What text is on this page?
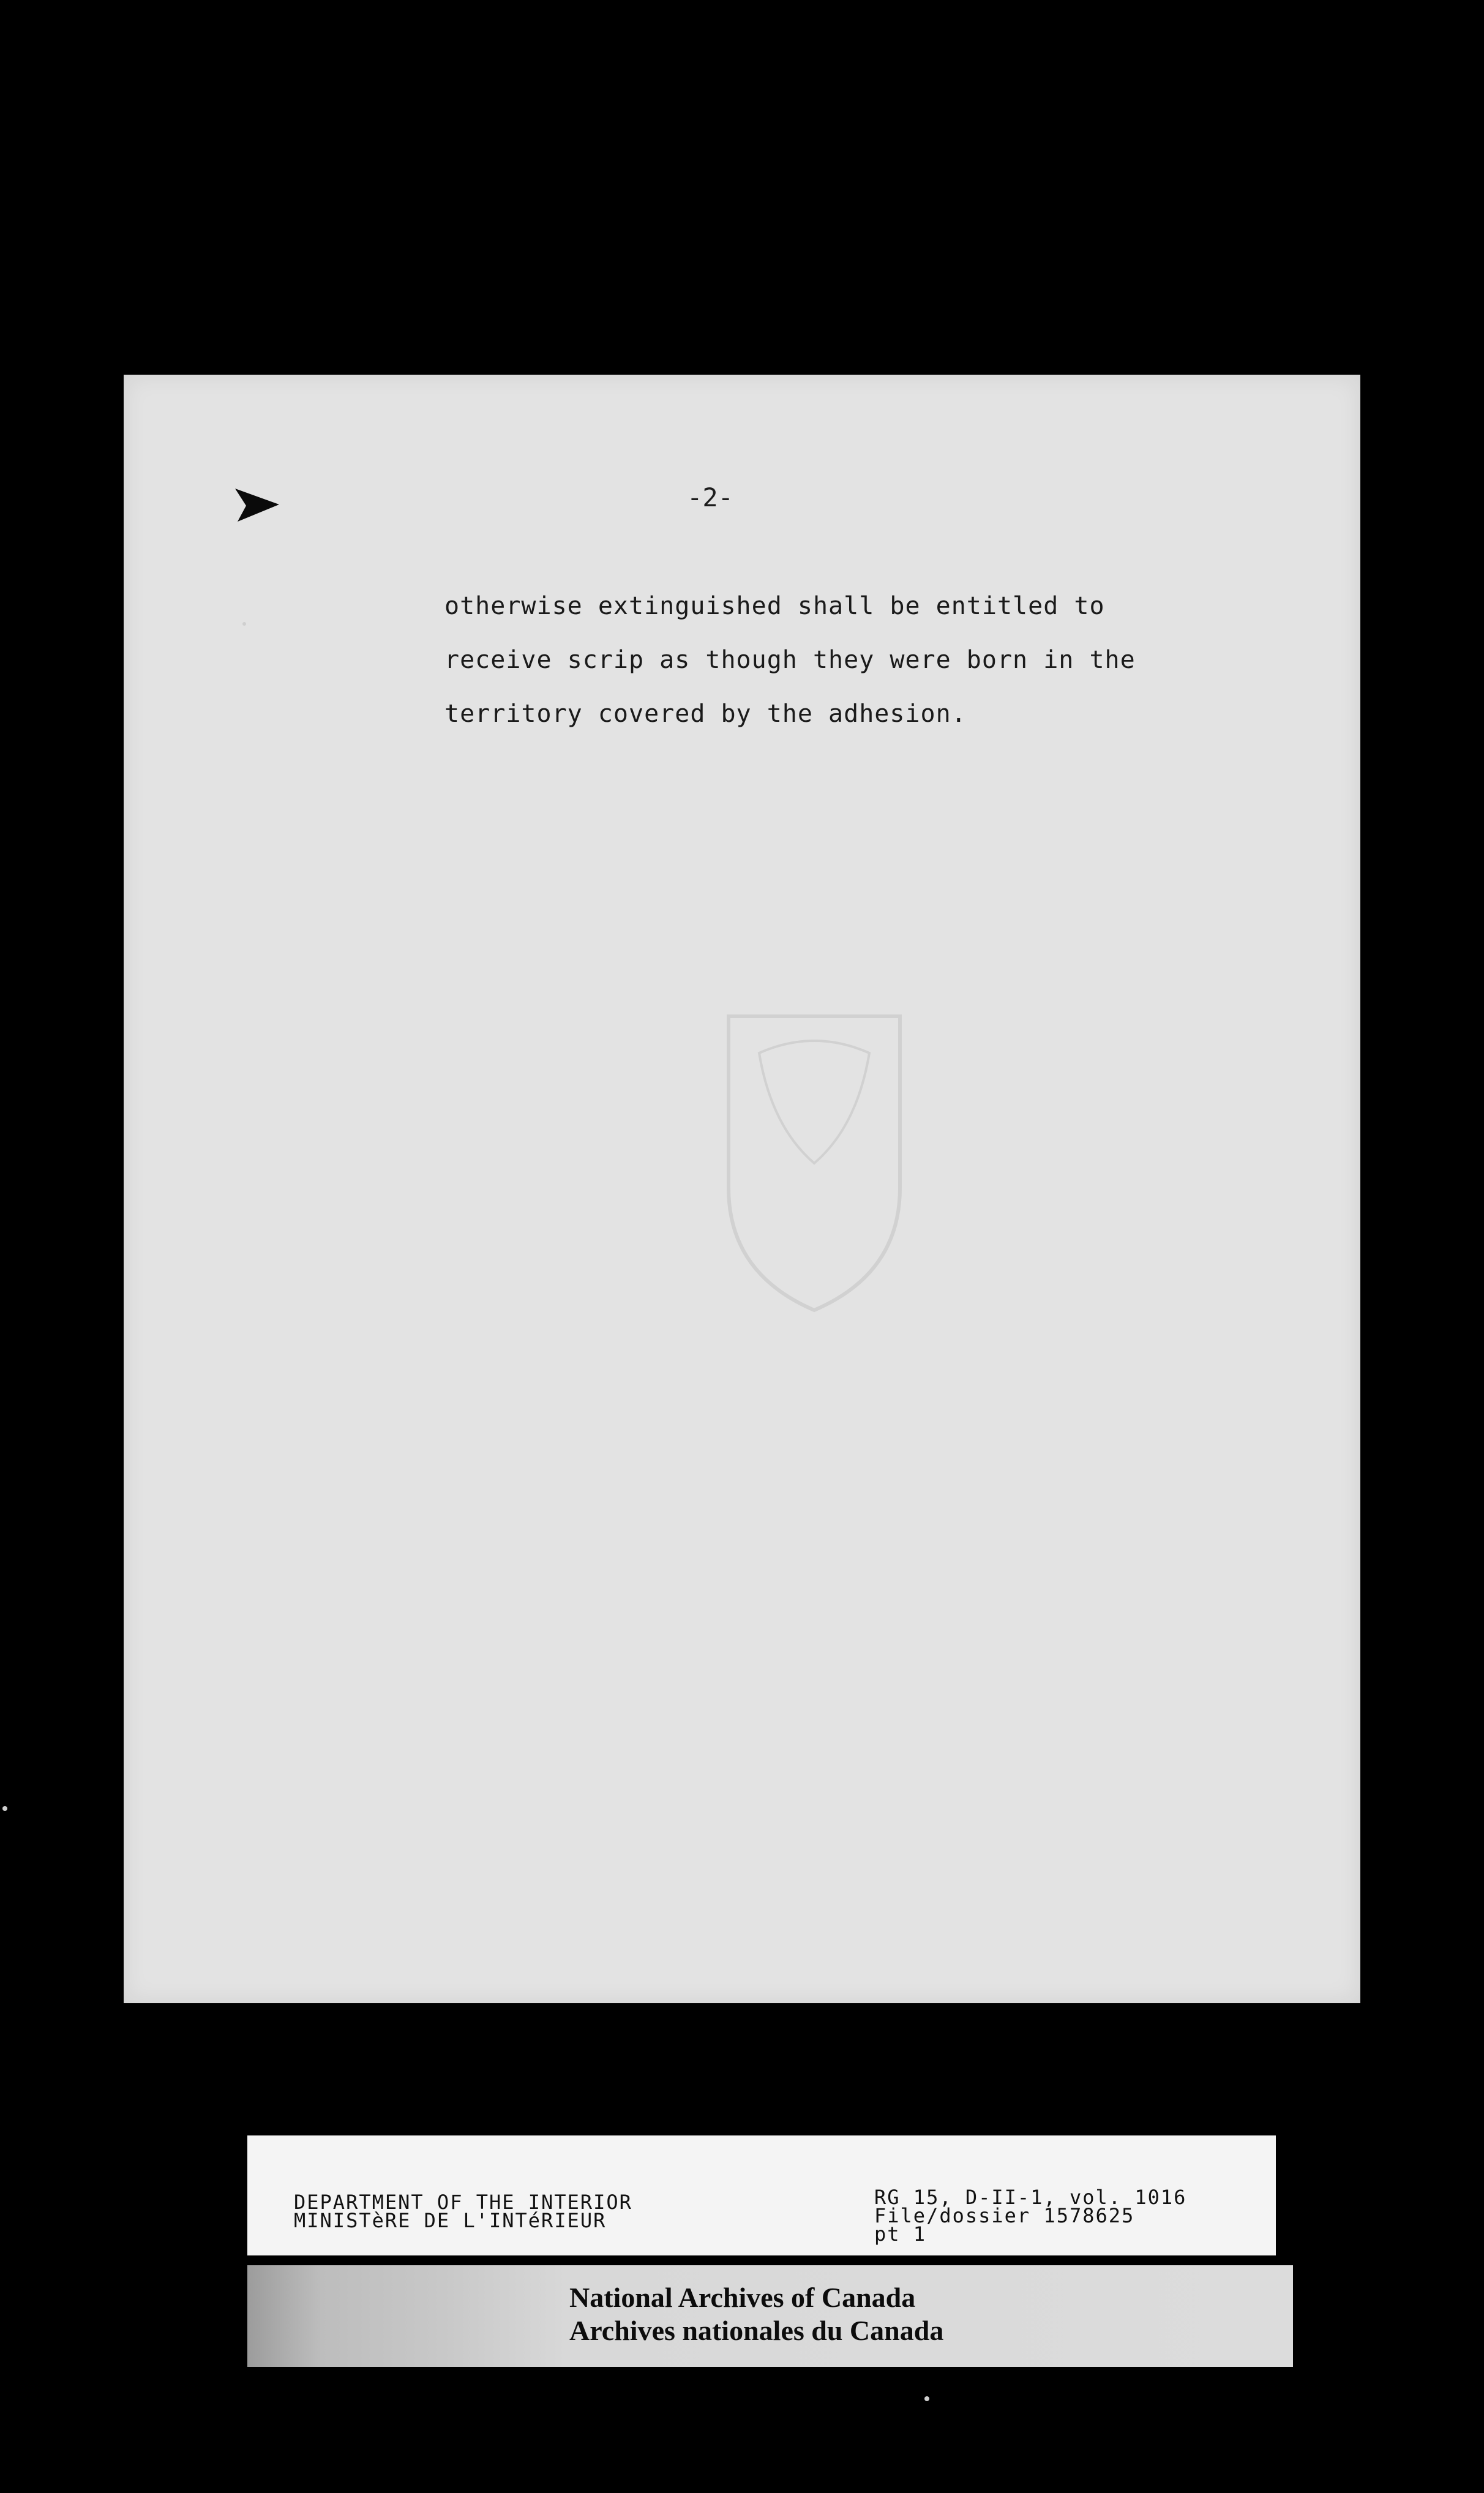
-2-
otherwise extinguished shall be entitled to
receive scrip as though they were born in the
territory covered by the adhesion.
DEPARTMENT OF THE INTERIOR
MINISTèRE DE L'INTéRIEUR
RG 15, D-II-1, vol. 1016
File/dossier 1578625
pt 1
National Archives of Canada
Archives nationales du Canada
